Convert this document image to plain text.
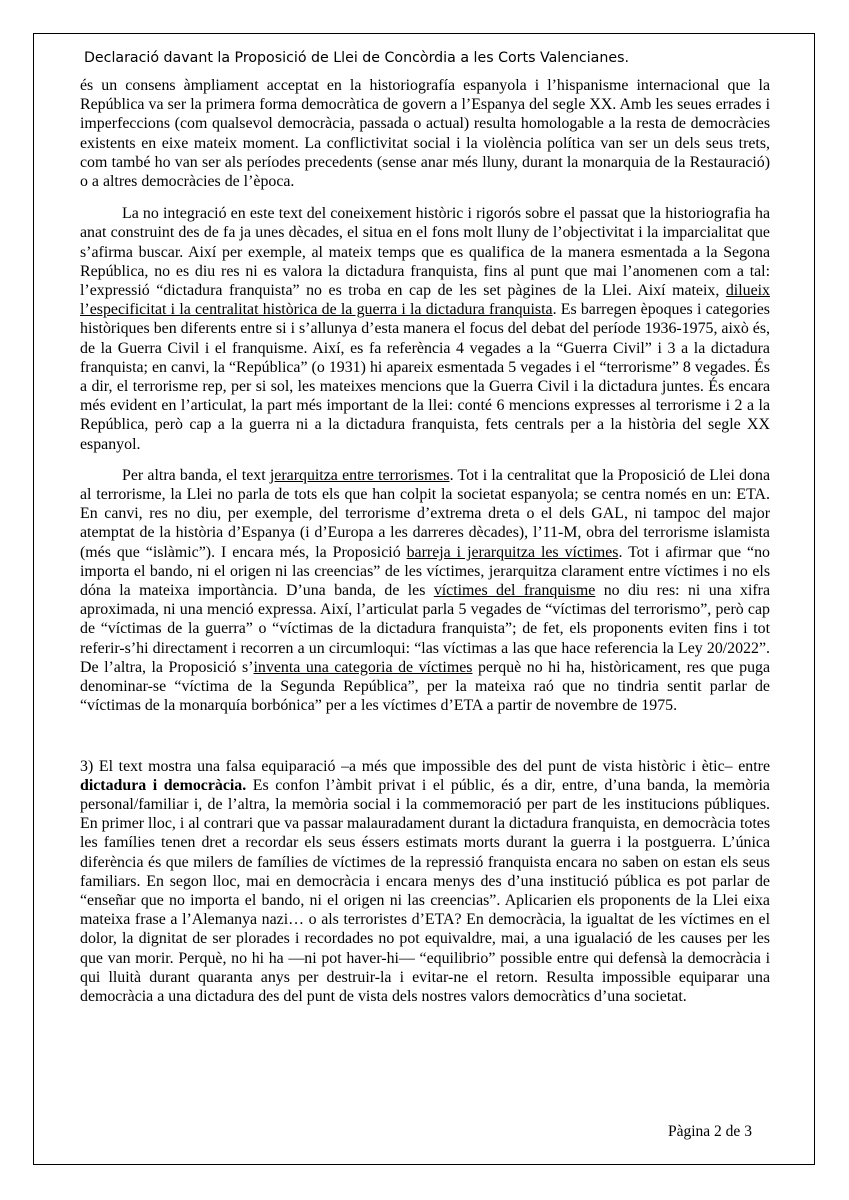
Declaració davant la Proposició de Llei de Concòrdia a les Corts Valencianes.

és un consens àmpliament acceptat en la historiografía espanyola i l’hispanisme internacional que la República va ser la primera forma democràtica de govern a l’Espanya del segle XX. Amb les seues errades i imperfeccions (com qualsevol democràcia, passada o actual) resulta homologable a la resta de democràcies existents en eixe mateix moment. La conflictivitat social i la violència política van ser un dels seus trets, com també ho van ser als períodes precedents (sense anar més lluny, durant la monarquia de la Restauració) o a altres democràcies de l’època.

La no integració en este text del coneixement històric i rigorós sobre el passat que la historiografia ha anat construint des de fa ja unes dècades, el situa en el fons molt lluny de l’objectivitat i la imparcialitat que s’afirma buscar. Així per exemple, al mateix temps que es qualifica de la manera esmentada a la Segona República, no es diu res ni es valora la dictadura franquista, fins al punt que mai l’anomenen com a tal: l’expressió “dictadura franquista” no es troba en cap de les set pàgines de la Llei. Així mateix, dilueix l’especificitat i la centralitat històrica de la guerra i la dictadura franquista. Es barregen èpoques i categories històriques ben diferents entre si i s’allunya d’esta manera el focus del debat del període 1936-1975, això és, de la Guerra Civil i el franquisme. Així, es fa referència 4 vegades a la “Guerra Civil” i 3 a la dictadura franquista; en canvi, la “República” (o 1931) hi apareix esmentada 5 vegades i el “terrorisme” 8 vegades. És a dir, el terrorisme rep, per si sol, les mateixes mencions que la Guerra Civil i la dictadura juntes. És encara més evident en l’articulat, la part més important de la llei: conté 6 mencions expresses al terrorisme i 2 a la República, però cap a la guerra ni a la dictadura franquista, fets centrals per a la història del segle XX espanyol.

Per altra banda, el text jerarquitza entre terrorismes. Tot i la centralitat que la Proposició de Llei dona al terrorisme, la Llei no parla de tots els que han colpit la societat espanyola; se centra només en un: ETA. En canvi, res no diu, per exemple, del terrorisme d’extrema dreta o el dels GAL, ni tampoc del major atemptat de la història d’Espanya (i d’Europa a les darreres dècades), l’11-M, obra del terrorisme islamista (més que “islàmic”). I encara més, la Proposició barreja i jerarquitza les víctimes. Tot i afirmar que “no importa el bando, ni el origen ni las creencias” de les víctimes, jerarquitza clarament entre víctimes i no els dóna la mateixa importància. D’una banda, de les víctimes del franquisme no diu res: ni una xifra aproximada, ni una menció expressa. Així, l’articulat parla 5 vegades de “víctimas del terrorismo”, però cap de “víctimas de la guerra” o “víctimas de la dictadura franquista”; de fet, els proponents eviten fins i tot referir-s’hi directament i recorren a un circumloqui: “las víctimas a las que hace referencia la Ley 20/2022”. De l’altra, la Proposició s’inventa una categoria de víctimes perquè no hi ha, històricament, res que puga denominar-se “víctima de la Segunda República”, per la mateixa raó que no tindria sentit parlar de “víctimas de la monarquía borbónica” per a les víctimes d’ETA a partir de novembre de 1975.

3) El text mostra una falsa equiparació –a més que impossible des del punt de vista històric i ètic– entre dictadura i democràcia. Es confon l’àmbit privat i el públic, és a dir, entre, d’una banda, la memòria personal/familiar i, de l’altra, la memòria social i la commemoració per part de les institucions públiques. En primer lloc, i al contrari que va passar malauradament durant la dictadura franquista, en democràcia totes les famílies tenen dret a recordar els seus éssers estimats morts durant la guerra i la postguerra. L’única diferència és que milers de famílies de víctimes de la repressió franquista encara no saben on estan els seus familiars. En segon lloc, mai en democràcia i encara menys des d’una institució pública es pot parlar de “enseñar que no importa el bando, ni el origen ni las creencias”. Aplicarien els proponents de la Llei eixa mateixa frase a l’Alemanya nazi… o als terroristes d’ETA? En democràcia, la igualtat de les víctimes en el dolor, la dignitat de ser plorades i recordades no pot equivaldre, mai, a una igualació de les causes per les que van morir. Perquè, no hi ha —ni pot haver-hi— “equilibrio” possible entre qui defensà la democràcia i qui lluità durant quaranta anys per destruir-la i evitar-ne el retorn. Resulta impossible equiparar una democràcia a una dictadura des del punt de vista dels nostres valors democràtics d’una societat.

Pàgina 2 de 3
